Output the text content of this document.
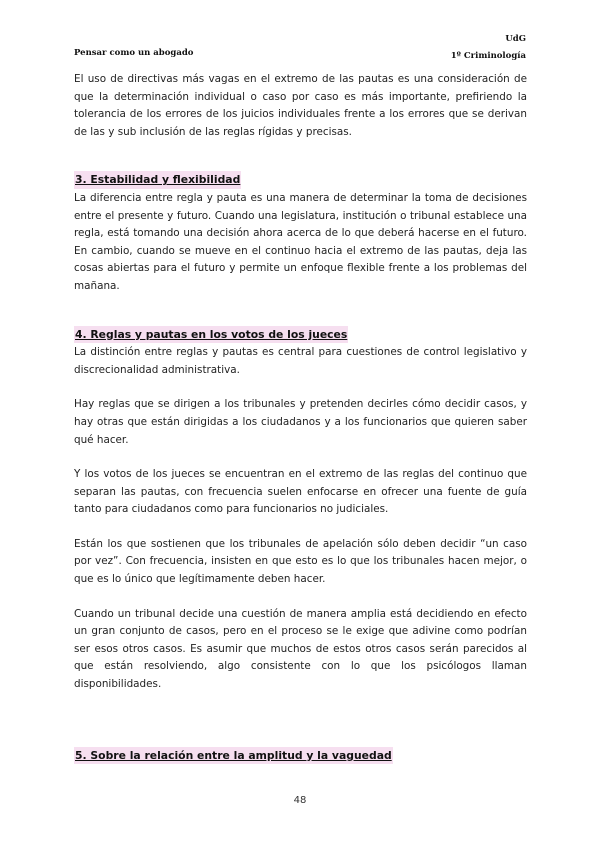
Pensar como un abogado
UdG
1º Criminología

El uso de directivas más vagas en el extremo de las pautas es una consideración de que la determinación individual o caso por caso es más importante, prefiriendo la tolerancia de los errores de los juicios individuales frente a los errores que se derivan de las y sub inclusión de las reglas rígidas y precisas.

3. Estabilidad y flexibilidad

La diferencia entre regla y pauta es una manera de determinar la toma de decisiones entre el presente y futuro. Cuando una legislatura, institución o tribunal establece una regla, está tomando una decisión ahora acerca de lo que deberá hacerse en el futuro. En cambio, cuando se mueve en el continuo hacia el extremo de las pautas, deja las cosas abiertas para el futuro y permite un enfoque flexible frente a los problemas del mañana.

4. Reglas y pautas en los votos de los jueces

La distinción entre reglas y pautas es central para cuestiones de control legislativo y discrecionalidad administrativa.

Hay reglas que se dirigen a los tribunales y pretenden decirles cómo decidir casos, y hay otras que están dirigidas a los ciudadanos y a los funcionarios que quieren saber qué hacer.

Y los votos de los jueces se encuentran en el extremo de las reglas del continuo que separan las pautas, con frecuencia suelen enfocarse en ofrecer una fuente de guía tanto para ciudadanos como para funcionarios no judiciales.

Están los que sostienen que los tribunales de apelación sólo deben decidir “un caso por vez”. Con frecuencia, insisten en que esto es lo que los tribunales hacen mejor, o que es lo único que legítimamente deben hacer.

Cuando un tribunal decide una cuestión de manera amplia está decidiendo en efecto un gran conjunto de casos, pero en el proceso se le exige que adivine como podrían ser esos otros casos. Es asumir que muchos de estos otros casos serán parecidos al que están resolviendo, algo consistente con lo que los psicólogos llaman disponibilidades.

5. Sobre la relación entre la amplitud y la vaguedad
48
